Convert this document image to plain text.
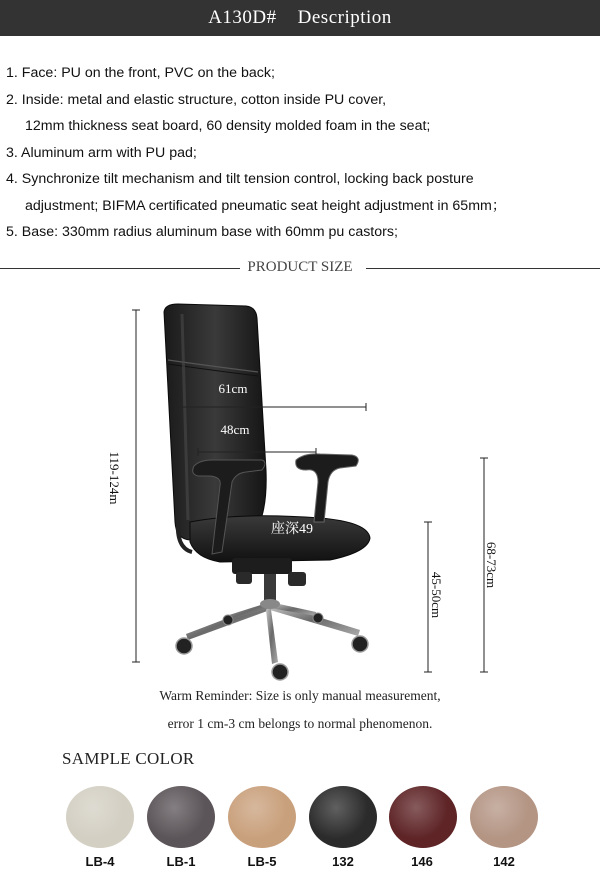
A130D#    Description
1. Face: PU on the front, PVC on the back;
2. Inside: metal and elastic structure, cotton inside PU cover,
12mm thickness seat board, 60 density molded foam in the seat;
3. Aluminum arm with PU pad;
4. Synchronize tilt mechanism and tilt tension control, locking back posture
adjustment; BIFMA certificated pneumatic seat height adjustment in 65mm；
5. Base: 330mm radius aluminum base with 60mm pu castors;
PRODUCT SIZE
119-124m
61cm
48cm
座深49
45-50cm
68-73cm
Warm Reminder: Size is only manual measurement,
error 1 cm-3 cm belongs to normal phenomenon.
SAMPLE COLOR
LB-4	LB-1	LB-5	132	146	142
